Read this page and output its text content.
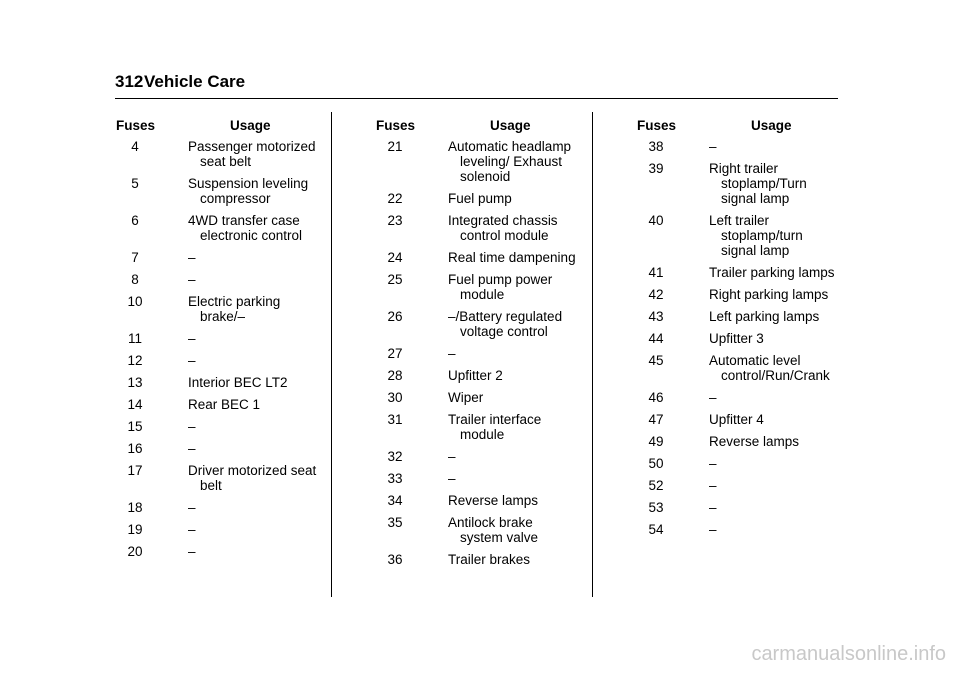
312 Vehicle Care
Fuses	Usage
4	Passenger motorized seat belt
5	Suspension leveling compressor
6	4WD transfer case electronic control
7	–
8	–
10	Electric parking brake/–
11	–
12	–
13	Interior BEC LT2
14	Rear BEC 1
15	–
16	–
17	Driver motorized seat belt
18	–
19	–
20	–
Fuses	Usage
21	Automatic headlamp leveling/ Exhaust solenoid
22	Fuel pump
23	Integrated chassis control module
24	Real time dampening
25	Fuel pump power module
26	–/Battery regulated voltage control
27	–
28	Upfitter 2
30	Wiper
31	Trailer interface module
32	–
33	–
34	Reverse lamps
35	Antilock brake system valve
36	Trailer brakes
Fuses	Usage
38	–
39	Right trailer stoplamp/Turn signal lamp
40	Left trailer stoplamp/turn signal lamp
41	Trailer parking lamps
42	Right parking lamps
43	Left parking lamps
44	Upfitter 3
45	Automatic level control/Run/Crank
46	–
47	Upfitter 4
49	Reverse lamps
50	–
52	–
53	–
54	–
carmanualsonline.info
